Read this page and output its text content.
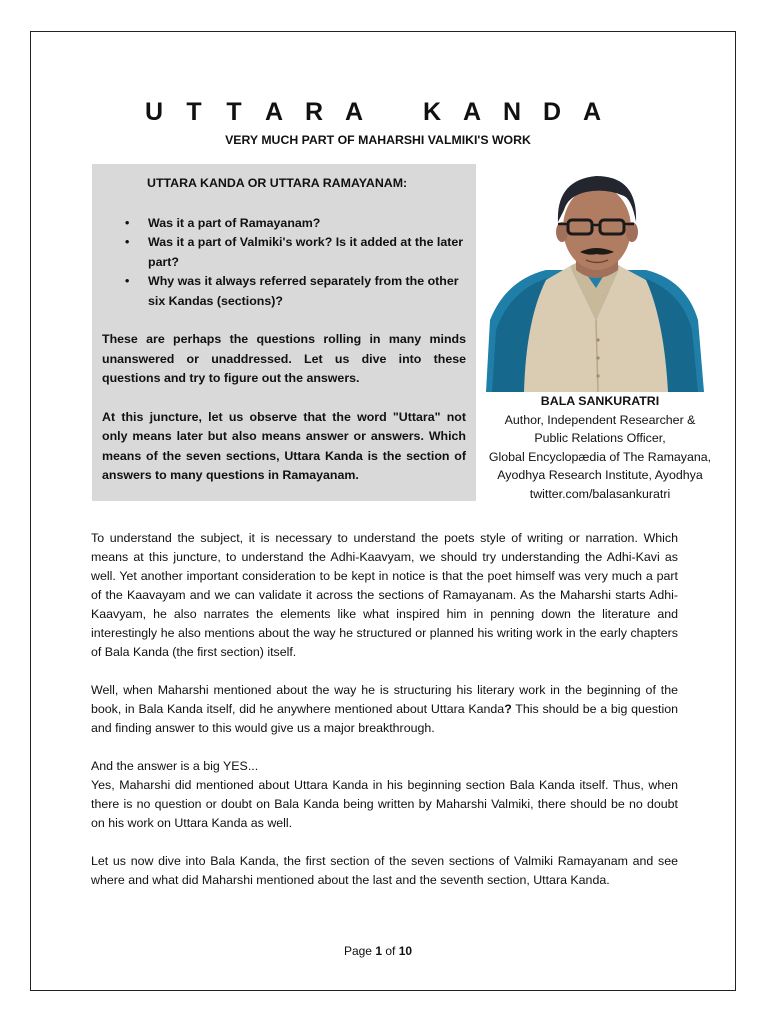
U T T A R A K A N D A
VERY MUCH PART OF MAHARSHI VALMIKI'S WORK
UTTARA KANDA OR UTTARA RAMAYANAM:
• Was it a part of Ramayanam?
• Was it a part of Valmiki's work? Is it added at the later part?
• Why was it always referred separately from the other six Kandas (sections)?

These are perhaps the questions rolling in many minds unanswered or unaddressed. Let us dive into these questions and try to figure out the answers.

At this juncture, let us observe that the word "Uttara" not only means later but also means answer or answers. Which means of the seven sections, Uttara Kanda is the section of answers to many questions in Ramayanam.

BALA SANKURATRI
Author, Independent Researcher &
Public Relations Officer,
Global Encyclopædia of The Ramayana,
Ayodhya Research Institute, Ayodhya
twitter.com/balasankuratri

To understand the subject, it is necessary to understand the poets style of writing or narration. Which means at this juncture, to understand the Adhi-Kaavyam, we should try understanding the Adhi-Kavi as well. Yet another important consideration to be kept in notice is that the poet himself was very much a part of the Kaavayam and we can validate it across the sections of Ramayanam. As the Maharshi starts Adhi-Kaavyam, he also narrates the elements like what inspired him in penning down the literature and interestingly he also mentions about the way he structured or planned his writing work in the early chapters of Bala Kanda (the first section) itself.

Well, when Maharshi mentioned about the way he is structuring his literary work in the beginning of the book, in Bala Kanda itself, did he anywhere mentioned about Uttara Kanda? This should be a big question and finding answer to this would give us a major breakthrough.

And the answer is a big YES...

Yes, Maharshi did mentioned about Uttara Kanda in his beginning section Bala Kanda itself. Thus, when there is no question or doubt on Bala Kanda being written by Maharshi Valmiki, there should be no doubt on his work on Uttara Kanda as well.

Let us now dive into Bala Kanda, the first section of the seven sections of Valmiki Ramayanam and see where and what did Maharshi mentioned about the last and the seventh section, Uttara Kanda.

Page 1 of 10
